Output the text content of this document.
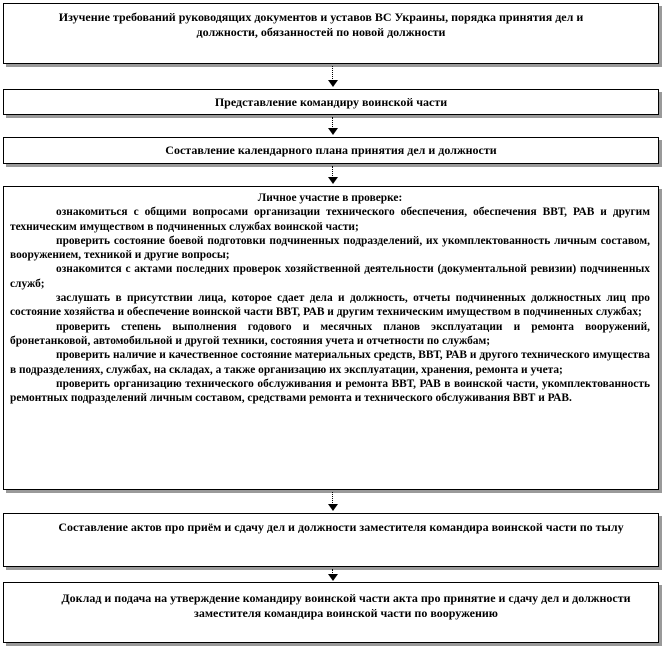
Изучение требований руководящих документов и уставов ВС Украины, порядка принятия дел и должности, обязанностей по новой должности
Представление командиру воинской части
Составление календарного плана принятия дел и должности
Личное участие в проверке:
ознакомиться с общими вопросами организации технического обеспечения, обеспечения ВВТ, РАВ и другим техническим имуществом в подчиненных службах воинской части;
проверить состояние боевой подготовки подчиненных подразделений, их укомплектованность личным составом, вооружением, техникой и другие вопросы;
ознакомится с актами последних проверок хозяйственной деятельности (документальной ревизии) подчиненных служб;
заслушать в присутствии лица, которое сдает дела и должность, отчеты подчиненных должностных лиц про состояние хозяйства и обеспечение воинской части ВВТ, РАВ и другим техническим имуществом в подчиненных службах;
проверить степень выполнения годового и месячных планов эксплуатации и ремонта вооружений, бронетанковой, автомобильной и другой техники, состояния учета и отчетности по службам;
проверить наличие и качественное состояние материальных средств, ВВТ, РАВ и другого технического имущества в подразделениях, службах, на складах, а также организацию их эксплуатации, хранения, ремонта и учета;
проверить организацию технического обслуживания и ремонта ВВТ, РАВ в воинской части, укомплектованность ремонтных подразделений личным составом, средствами ремонта и технического обслуживания ВВТ и РАВ.
Составление актов про приём и сдачу дел и должности заместителя командира воинской части по тылу
Доклад и подача на утверждение командиру воинской части акта про принятие и сдачу дел и должности заместителя командира воинской части по вооружению
